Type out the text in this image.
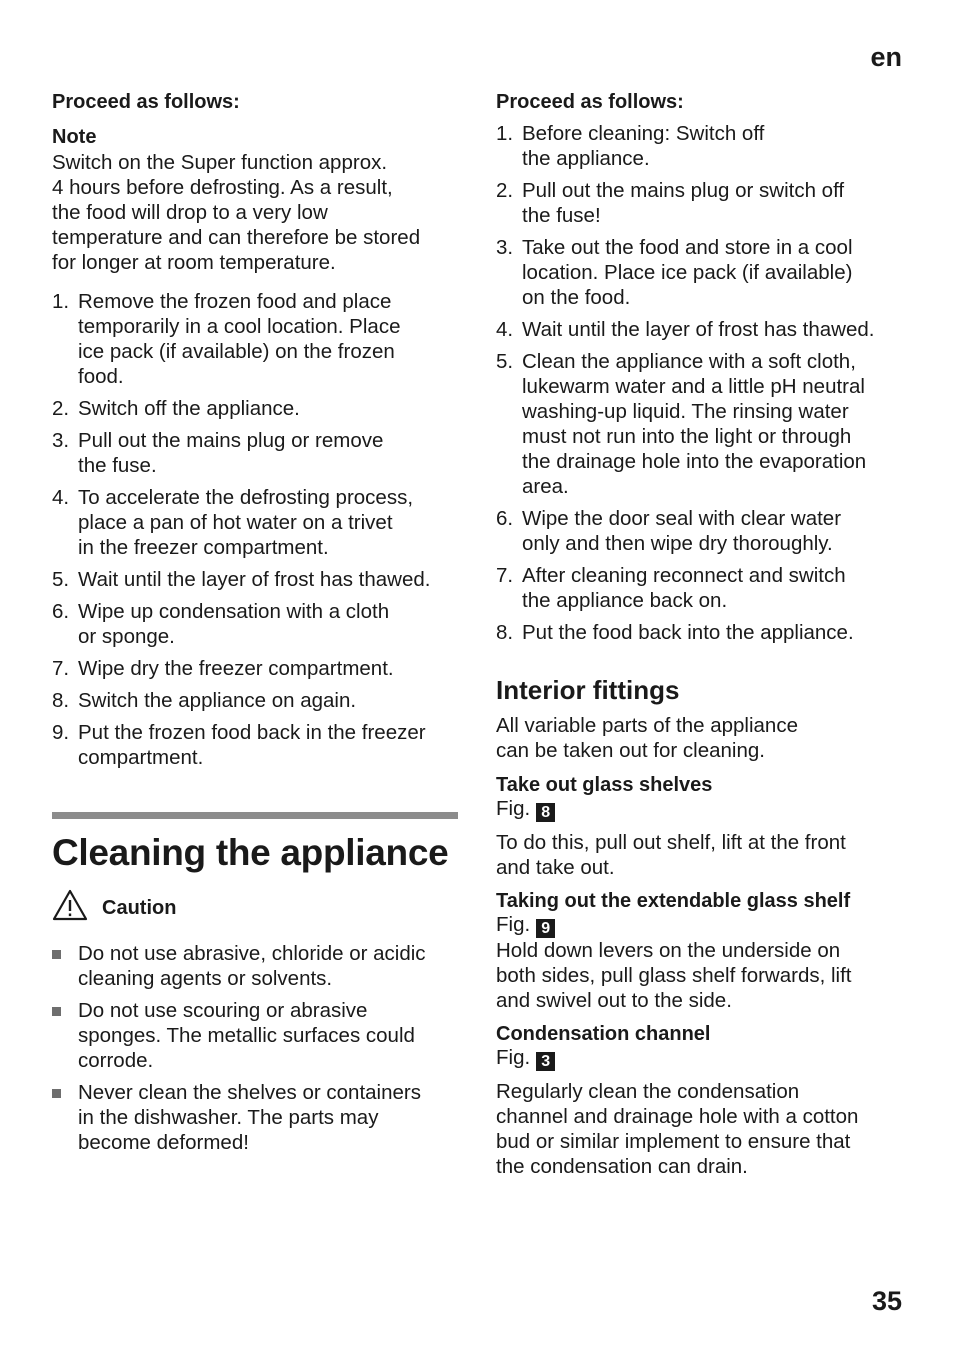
en

Proceed as follows:

Note

Switch on the Super function approx.
4 hours before defrosting. As a result,
the food will drop to a very low
temperature and can therefore be stored
for longer at room temperature.

1. Remove the frozen food and place
temporarily in a cool location. Place
ice pack (if available) on the frozen
food.
2. Switch off the appliance.
3. Pull out the mains plug or remove
the fuse.
4. To accelerate the defrosting process,
place a pan of hot water on a trivet
in the freezer compartment.
5. Wait until the layer of frost has thawed.
6. Wipe up condensation with a cloth
or sponge.
7. Wipe dry the freezer compartment.
8. Switch the appliance on again.
9. Put the frozen food back in the freezer
compartment.
Cleaning the appliance
Caution
Do not use abrasive, chloride or acidic
cleaning agents or solvents.
Do not use scouring or abrasive
sponges. The metallic surfaces could
corrode.
Never clean the shelves or containers
in the dishwasher. The parts may
become deformed!

Proceed as follows:

1. Before cleaning: Switch off
the appliance.
2. Pull out the mains plug or switch off
the fuse!
3. Take out the food and store in a cool
location. Place ice pack (if available)
on the food.
4. Wait until the layer of frost has thawed.
5. Clean the appliance with a soft cloth,
lukewarm water and a little pH neutral
washing-up liquid. The rinsing water
must not run into the light or through
the drainage hole into the evaporation
area.
6. Wipe the door seal with clear water
only and then wipe dry thoroughly.
7. After cleaning reconnect and switch
the appliance back on.
8. Put the food back into the appliance.
Interior fittings

All variable parts of the appliance
can be taken out for cleaning.

Take out glass shelves

Fig. 8

To do this, pull out shelf, lift at the front
and take out.

Taking out the extendable glass shelf

Fig. 9

Hold down levers on the underside on
both sides, pull glass shelf forwards, lift
and swivel out to the side.

Condensation channel

Fig. 3

Regularly clean the condensation
channel and drainage hole with a cotton
bud or similar implement to ensure that
the condensation can drain.

35
